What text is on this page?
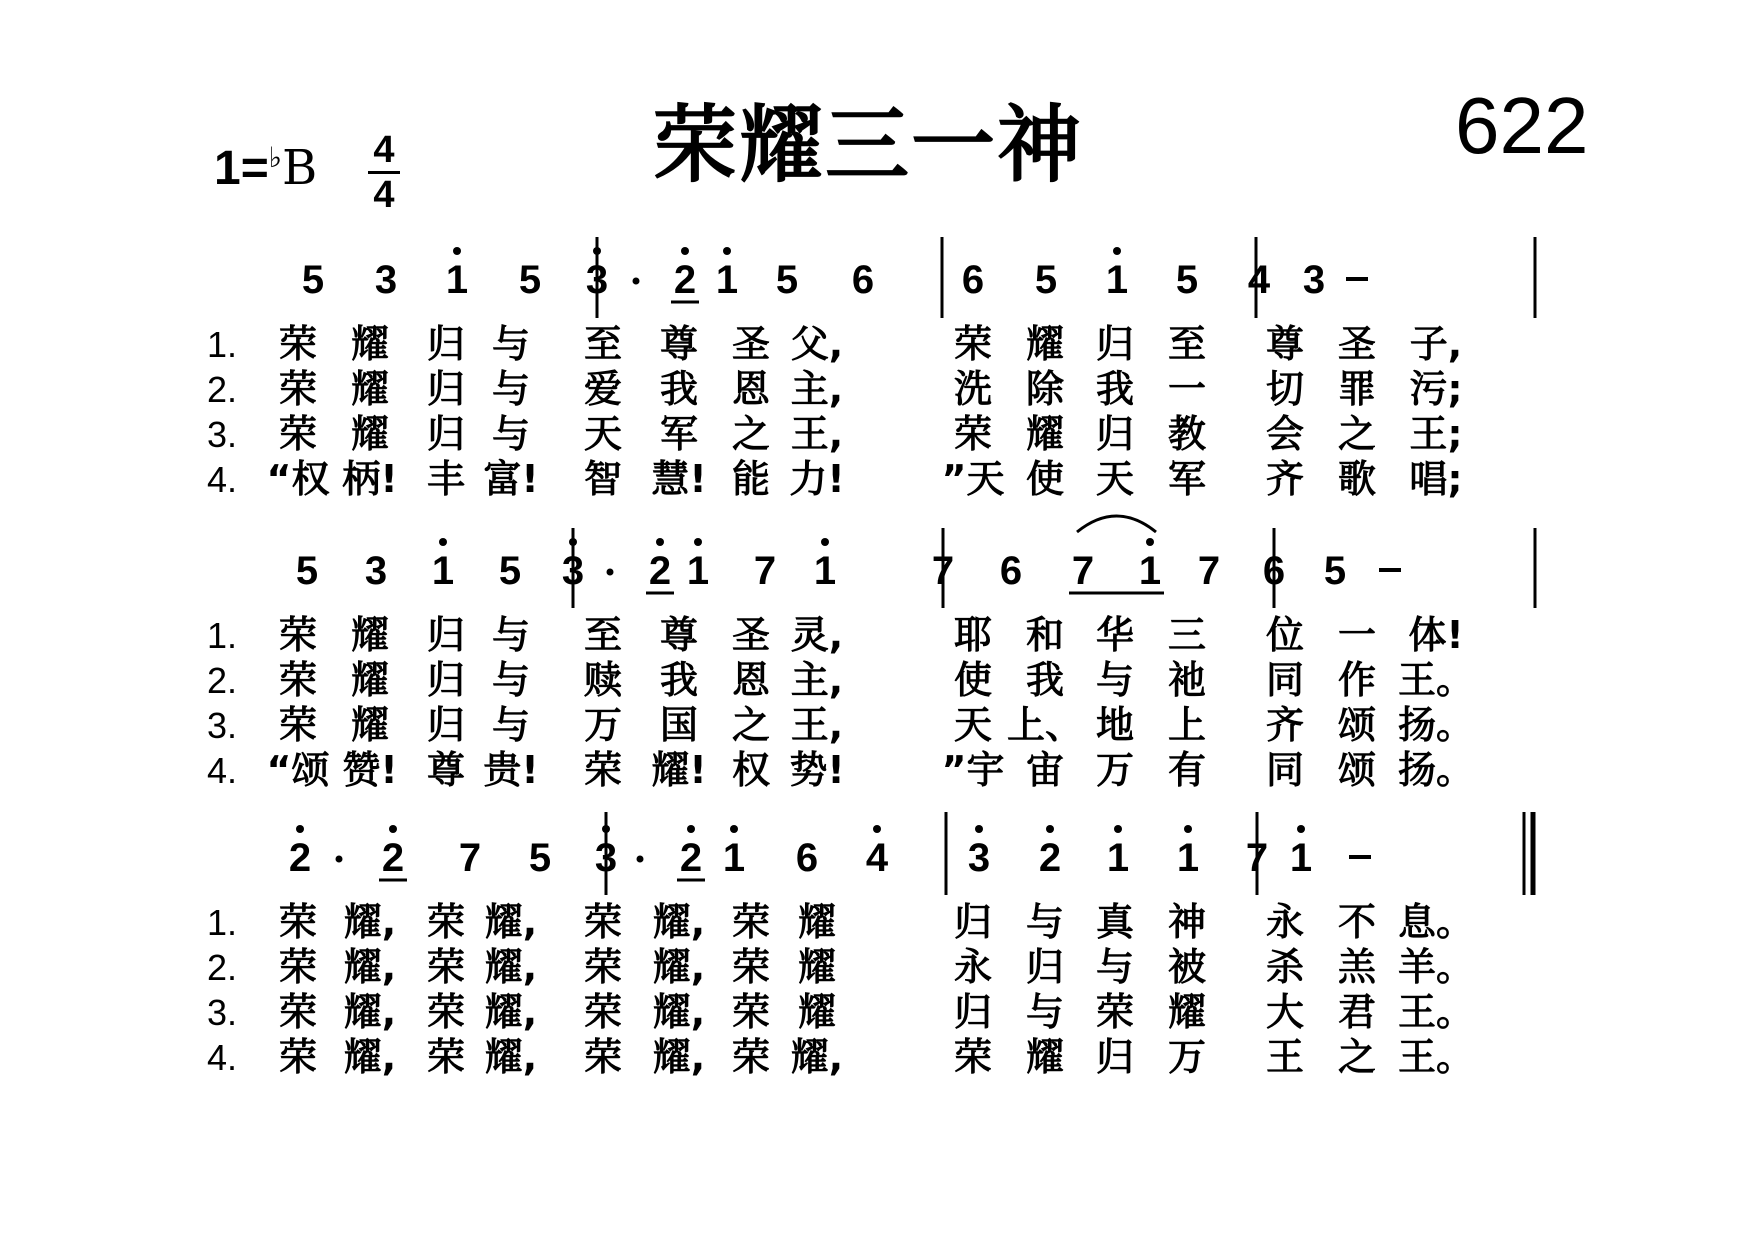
荣耀三一神	622
1=♭B 4
4
5 3 1 5 3 2 1 5 6 6 5 1 5 4 3
1. 荣 耀 归 与 至 尊 圣 父,	荣 耀 归 至 尊 圣 子,
2. 荣 耀 归 与 爱 我 恩 主,	洗 除 我 一 切 罪 污;
3. 荣 耀 归 与 天 军 之 王,	荣 耀 归 教 会 之 王;
4. “权 柄! 丰 富! 智 慧! 能 力!	”天 使 天 军 齐 歌 唱;
5 3 1 5 3 2 1 7 1 7 6 7 1 7 6 5
1. 荣 耀 归 与 至 尊 圣 灵,	耶 和 华 三 位 一 体!
2. 荣 耀 归 与 赎 我 恩 主,	使 我 与 祂 同 作 王。
3. 荣 耀 归 与 万 国 之 王,	天 上、 地 上 齐 颂 扬。
4. “颂 赞! 尊 贵! 荣 耀! 权 势!	”宇 宙 万 有 同 颂 扬。
2 2 7 5 3 2 1 6 4 3 2 1 1 7 1
1. 荣 耀, 荣 耀, 荣 耀, 荣 耀	归 与 真 神 永 不 息。
2. 荣 耀, 荣 耀, 荣 耀, 荣 耀	永 归 与 被 杀 羔 羊。
3. 荣 耀, 荣 耀, 荣 耀, 荣 耀	归 与 荣 耀 大 君 王。
4. 荣 耀, 荣 耀, 荣 耀, 荣 耀,	荣 耀 归 万 王 之 王。
